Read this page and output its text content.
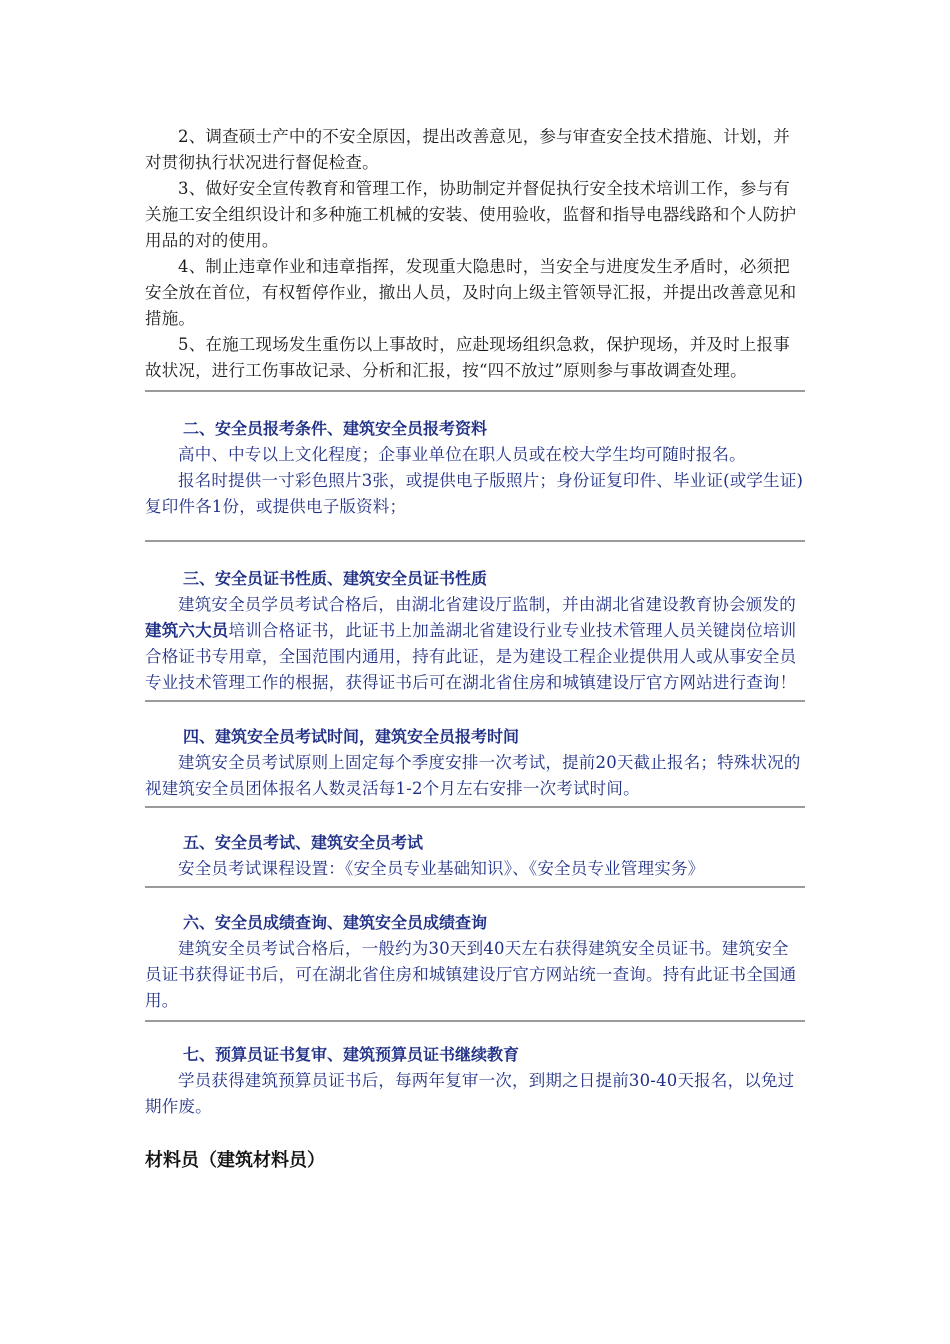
2、调查硕士产中的不安全原因，提出改善意见，参与审查安全技术措施、计划，并对贯彻执行状况进行督促检查。

3、做好安全宣传教育和管理工作，协助制定并督促执行安全技术培训工作，参与有关施工安全组织设计和多种施工机械的安装、使用验收，监督和指导电器线路和个人防护用品的对的使用。

4、制止违章作业和违章指挥，发现重大隐患时，当安全与进度发生矛盾时，必须把安全放在首位，有权暂停作业，撤出人员，及时向上级主管领导汇报，并提出改善意见和措施。

5、在施工现场发生重伤以上事故时，应赴现场组织急救，保护现场，并及时上报事故状况，进行工伤事故记录、分析和汇报，按“四不放过”原则参与事故调查处理。

二、安全员报考条件、建筑安全员报考资料

高中、中专以上文化程度；企事业单位在职人员或在校大学生均可随时报名。

报名时提供一寸彩色照片3张，或提供电子版照片；身份证复印件、毕业证(或学生证)复印件各1份，或提供电子版资料；

三、安全员证书性质、建筑安全员证书性质

建筑安全员学员考试合格后，由湖北省建设厅监制，并由湖北省建设教育协会颁发的建筑六大员培训合格证书，此证书上加盖湖北省建设行业专业技术管理人员关键岗位培训合格证书专用章，全国范围内通用，持有此证，是为建设工程企业提供用人或从事安全员专业技术管理工作的根据，获得证书后可在湖北省住房和城镇建设厅官方网站进行查询！

四、建筑安全员考试时间，建筑安全员报考时间

建筑安全员考试原则上固定每个季度安排一次考试，提前20天截止报名；特殊状况的视建筑安全员团体报名人数灵活每1-2个月左右安排一次考试时间。

五、安全员考试、建筑安全员考试

安全员考试课程设置：《安全员专业基础知识》、《安全员专业管理实务》

六、安全员成绩查询、建筑安全员成绩查询

建筑安全员考试合格后，一般约为30天到40天左右获得建筑安全员证书。建筑安全员证书获得证书后，可在湖北省住房和城镇建设厅官方网站统一查询。持有此证书全国通用。

七、预算员证书复审、建筑预算员证书继续教育

学员获得建筑预算员证书后，每两年复审一次，到期之日提前30-40天报名，以免过期作废。

材料员（建筑材料员）
